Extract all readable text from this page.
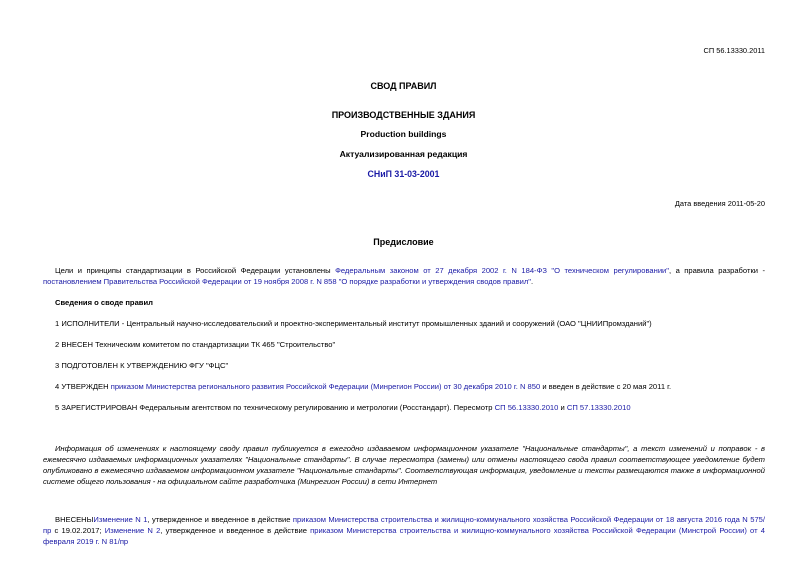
СП 56.13330.2011
СВОД ПРАВИЛ
ПРОИЗВОДСТВЕННЫЕ ЗДАНИЯ
Production buildings
Актуализированная редакция
СНиП 31-03-2001
Дата введения 2011-05-20
Предисловие
Цели и принципы стандартизации в Российской Федерации установлены Федеральным законом от 27 декабря 2002 г. N 184-ФЗ "О техническом регулировании", а правила разработки - постановлением Правительства Российской Федерации от 19 ноября 2008 г. N 858 "О порядке разработки и утверждения сводов правил".
Сведения о своде правил
1 ИСПОЛНИТЕЛИ - Центральный научно-исследовательский и проектно-экспериментальный институт промышленных зданий и сооружений (ОАО "ЦНИИПромзданий")
2 ВНЕСЕН Техническим комитетом по стандартизации ТК 465 "Строительство"
3 ПОДГОТОВЛЕН К УТВЕРЖДЕНИЮ ФГУ "ФЦС"
4 УТВЕРЖДЕН приказом Министерства регионального развития Российской Федерации (Минрегион России) от 30 декабря 2010 г. N 850 и введен в действие с 20 мая 2011 г.
5 ЗАРЕГИСТРИРОВАН Федеральным агентством по техническому регулированию и метрологии (Росстандарт). Пересмотр СП 56.13330.2010 и СП 57.13330.2010
Информация об изменениях к настоящему своду правил публикуется в ежегодно издаваемом информационном указателе "Национальные стандарты", а текст изменений и поправок - в ежемесячно издаваемых информационных указателях "Национальные стандарты". В случае пересмотра (замены) или отмены настоящего свода правил соответствующее уведомление будет опубликовано в ежемесячно издаваемом информационном указателе "Национальные стандарты". Соответствующая информация, уведомление и тексты размещаются также в информационной системе общего пользования - на официальном сайте разработчика (Минрегион России) в сети Интернет
ВНЕСЕНЫИзменение N 1, утвержденное и введенное в действие приказом Министерства строительства и жилищно-коммунального хозяйства Российской Федерации от 18 августа 2016 года N 575/пр с 19.02.2017; Изменение N 2, утвержденное и введенное в действие приказом Министерства строительства и жилищно-коммунального хозяйства Российской Федерации (Минстрой России) от 4 февраля 2019 г. N 81/пр
